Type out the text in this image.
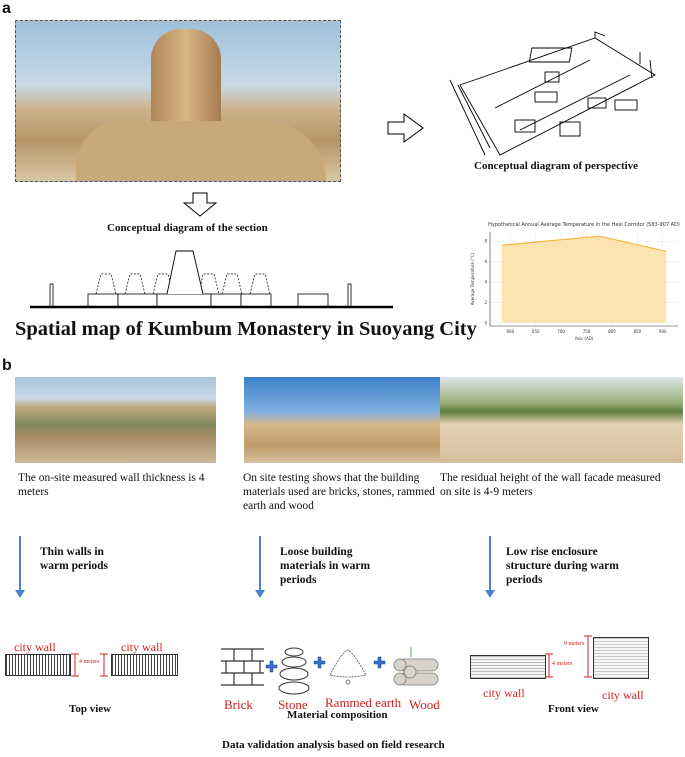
a
Conceptual diagram of the section
Spatial map of Kumbum Monastery in Suoyang City
Conceptual diagram of perspective
Hypothetical Annual Average Temperature in the Hexi Corridor (583-907 AD)
600	650	700	750	800	850	900
0
2
4
6
8
Year (AD)
Average Temperature (°C)
b
The on-site measured wall thickness is 4 meters
On site testing shows that the building materials used are bricks, stones, rammed earth and wood
The residual height of the wall facade measured on site is 4-9 meters
Thin walls in warm periods
Loose building materials in warm periods
Low rise enclosure structure during warm periods
city wall	city wall
4 meters
Brick Stone Rammed earth Wood
4 meters
9 meters
city wall	city wall
Top view	Material composition	Front view
Data validation analysis based on field research
